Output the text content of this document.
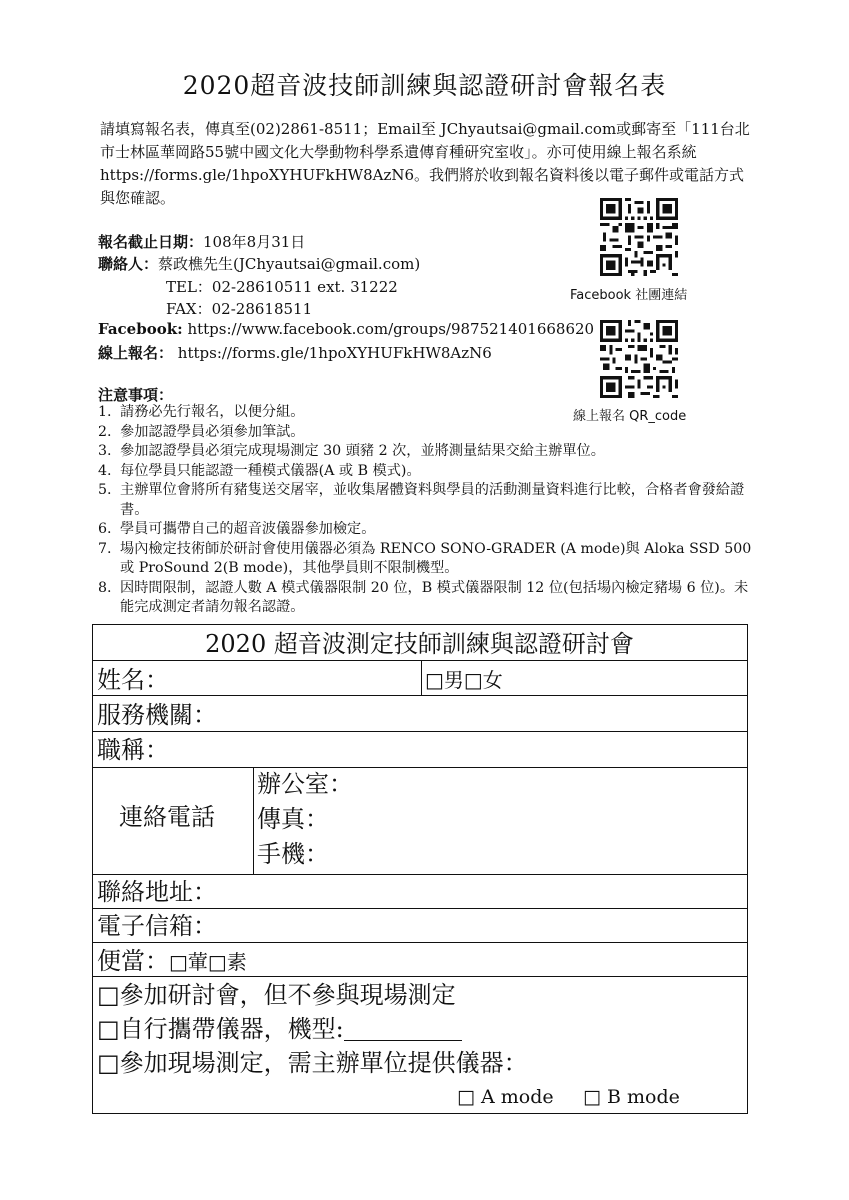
2020超音波技師訓練與認證研討會報名表
請填寫報名表，傳真至(02)2861-8511；Email至 JChyautsai@gmail.com或郵寄至「111台北市士林區華岡路55號中國文化大學動物科學系遺傳育種研究室收」。亦可使用線上報名系統https://forms.gle/1hpoXYHUFkHW8AzN6。我們將於收到報名資料後以電子郵件或電話方式與您確認。
報名截止日期：108年8月31日
聯絡人：蔡政樵先生(JChyautsai@gmail.com)
TEL：02-28610511 ext. 31222
FAX：02-28618511
Facebook: https://www.facebook.com/groups/987521401668620
線上報名： https://forms.gle/1hpoXYHUFkHW8AzN6
Facebook 社團連結
線上報名 QR_code
注意事項：
1. 請務必先行報名，以便分組。
2. 參加認證學員必須參加筆試。
3. 參加認證學員必須完成現場測定 30 頭豬 2 次，並將測量結果交給主辦單位。
4. 每位學員只能認證一種模式儀器(A 或 B 模式)。
5. 主辦單位會將所有豬隻送交屠宰，並收集屠體資料與學員的活動測量資料進行比較，合格者會發給證書。
6. 學員可攜帶自己的超音波儀器參加檢定。
7. 場內檢定技術師於研討會使用儀器必須為 RENCO SONO-GRADER (A mode)與 Aloka SSD 500 或 ProSound 2(B mode)，其他學員則不限制機型。
8. 因時間限制，認證人數 A 模式儀器限制 20 位，B 模式儀器限制 12 位(包括場內檢定豬場 6 位)。未能完成測定者請勿報名認證。
2020 超音波測定技師訓練與認證研討會
姓名：	□男□女
服務機關：
職稱：
連絡電話
辦公室：
傳真：
手機：
聯絡地址：
電子信箱：
便當：□葷□素
□參加研討會，但不參與現場測定
□自行攜帶儀器，機型:
□參加現場測定，需主辦單位提供儀器：
□ A mode □ B mode
